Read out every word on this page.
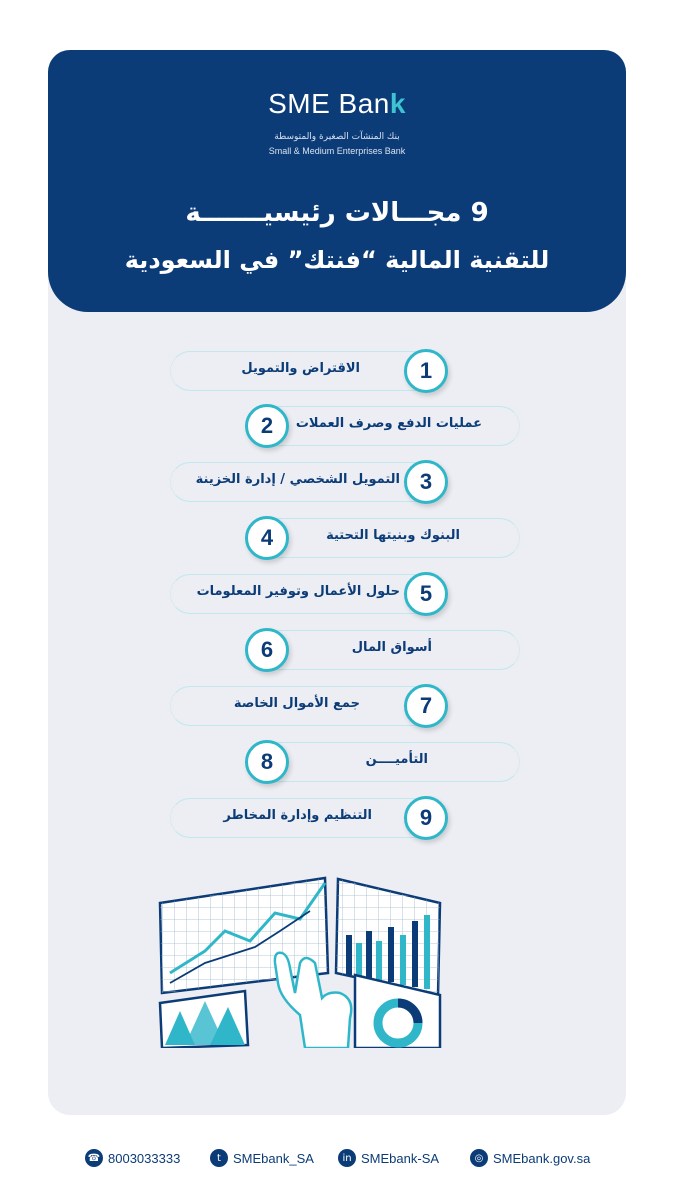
SME Bank
بنك المنشآت الصغيرة والمتوسطة
Small & Medium Enterprises Bank
9 مجـــالات رئيسيـــــــة
للتقنية المالية “فنتك” في السعودية
الاقتراض والتمويل	1
2	عمليات الدفع وصرف العملات
التمويل الشخصي / إدارة الخزينة 3
4	البنوك وبنيتها التحتية
حلول الأعمال وتوفير المعلومات 5
6	أسواق المال
جمع الأموال الخاصة	7
8	التأميــــن
التنظيم وإدارة المخاطر	9
☎ 8003033333	t SMEbank_SA	in SMEbank-SA	◎ SMEbank.gov.sa
